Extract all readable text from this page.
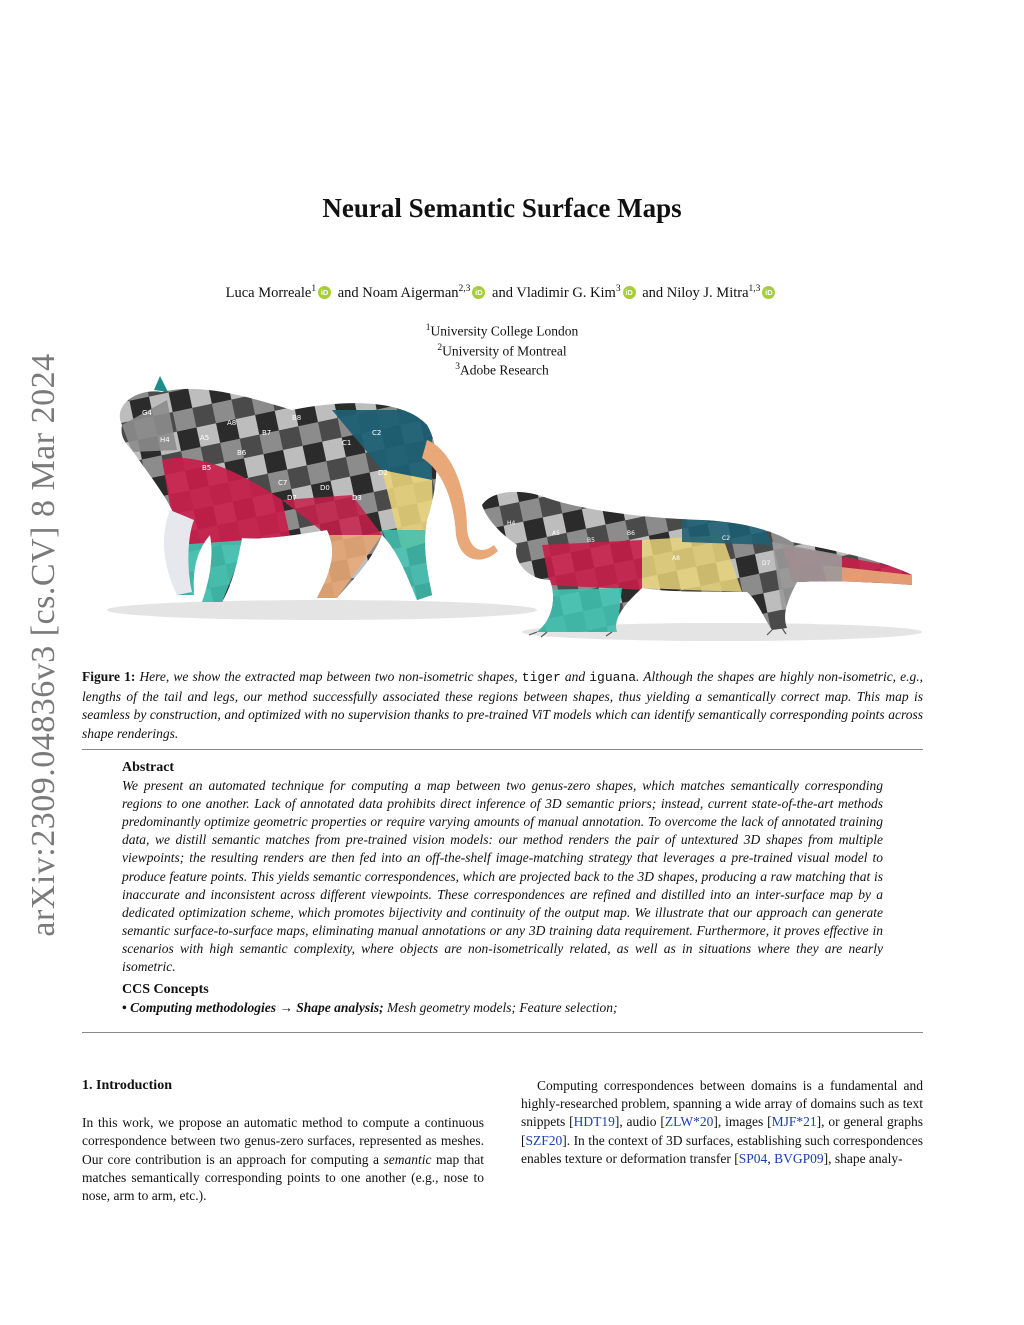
arXiv:2309.04836v3 [cs.CV] 8 Mar 2024
Neural Semantic Surface Maps
Luca Morreale$^1$ iD and Noam Aigerman$^{2,3}$ iD and Vladimir G. Kim$^3$ iD and Niloy J. Mitra$^{1,3}$ iD
$^1$University College London
$^2$University of Montreal
$^3$Adobe Research
G4
H4	A5
A8
B5
B6
B7
B8
C1
C2
C7
D0
D2
D7	D3
H4
A5
B5
B6
C2
D7
A8
Figure 1: Here, we show the extracted map between two non-isometric shapes, tiger and iguana. Although the shapes are highly non-isometric, e.g., lengths of the tail and legs, our method successfully associated these regions between shapes, thus yielding a semantically correct map. This map is seamless by construction, and optimized with no supervision thanks to pre-trained ViT models which can identify semantically corresponding points across shape renderings.
Abstract

We present an automated technique for computing a map between two genus-zero shapes, which matches semantically corresponding regions to one another. Lack of annotated data prohibits direct inference of 3D semantic priors; instead, current state-of-the-art methods predominantly optimize geometric properties or require varying amounts of manual annotation. To overcome the lack of annotated training data, we distill semantic matches from pre-trained vision models: our method renders the pair of untextured 3D shapes from multiple viewpoints; the resulting renders are then fed into an off-the-shelf image-matching strategy that leverages a pre-trained visual model to produce feature points. This yields semantic correspondences, which are projected back to the 3D shapes, producing a raw matching that is inaccurate and inconsistent across different viewpoints. These correspondences are refined and distilled into an inter-surface map by a dedicated optimization scheme, which promotes bijectivity and continuity of the output map. We illustrate that our approach can generate semantic surface-to-surface maps, eliminating manual annotations or any 3D training data requirement. Furthermore, it proves effective in scenarios with high semantic complexity, where objects are non-isometrically related, as well as in situations where they are nearly isometric.

CCS Concepts

• Computing methodologies → Shape analysis; Mesh geometry models; Feature selection;

1. Introduction

In this work, we propose an automatic method to compute a continuous correspondence between two genus-zero surfaces, represented as meshes. Our core contribution is an approach for computing a semantic map that matches semantically corresponding points to one another (e.g., nose to nose, arm to arm, etc.).

Computing correspondences between domains is a fundamental and highly-researched problem, spanning a wide array of domains such as text snippets [HDT19], audio [ZLW*20], images [MJF*21], or general graphs [SZF20]. In the context of 3D surfaces, establishing such correspondences enables texture or deformation transfer [SP04, BVGP09], shape analy-
